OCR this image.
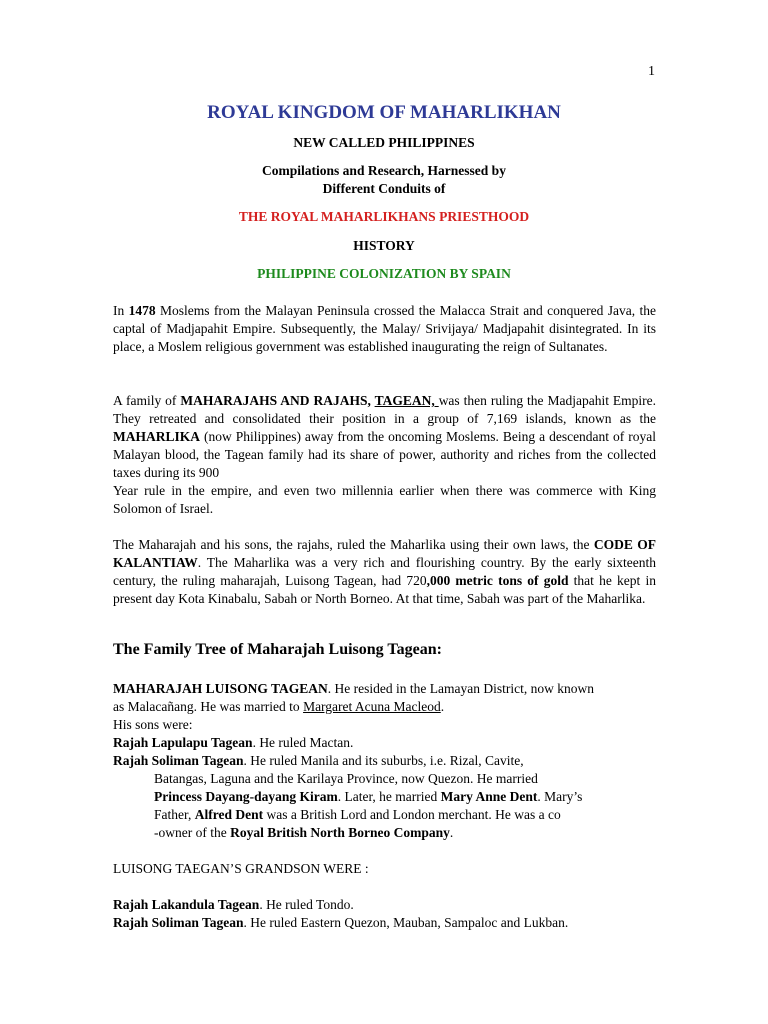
1
ROYAL KINGDOM OF MAHARLIKHAN
NEW CALLED PHILIPPINES
Compilations and Research, Harnessed by
Different Conduits of
THE ROYAL MAHARLIKHANS PRIESTHOOD
HISTORY
PHILIPPINE COLONIZATION BY SPAIN
In 1478 Moslems from the Malayan Peninsula crossed the Malacca Strait and conquered Java, the captal of Madjapahit Empire. Subsequently, the Malay/ Srivijaya/ Madjapahit disintegrated. In its place, a Moslem religious government was established inaugurating the reign of Sultanates.
A family of MAHARAJAHS AND RAJAHS, TAGEAN, was then ruling the Madjapahit Empire. They retreated and consolidated their position in a group of 7,169 islands, known as the MAHARLIKA (now Philippines) away from the oncoming Moslems. Being a descendant of royal Malayan blood, the Tagean family had its share of power, authority and riches from the collected taxes during its 900
Year rule in the empire, and even two millennia earlier when there was commerce with King Solomon of Israel.
The Maharajah and his sons, the rajahs, ruled the Maharlika using their own laws, the CODE OF KALANTIAW. The Maharlika was a very rich and flourishing country. By the early sixteenth century, the ruling maharajah, Luisong Tagean, had 720,000 metric tons of gold that he kept in present day Kota Kinabalu, Sabah or North Borneo. At that time, Sabah was part of the Maharlika.
The Family Tree of Maharajah Luisong Tagean:
MAHARAJAH LUISONG TAGEAN. He resided in the Lamayan District, now known
as Malacañang. He was married to Margaret Acuna Macleod.
His sons were:
Rajah Lapulapu Tagean. He ruled Mactan.
Rajah Soliman Tagean. He ruled Manila and its suburbs, i.e. Rizal, Cavite,
Batangas, Laguna and the Karilaya Province, now Quezon. He married
Princess Dayang-dayang Kiram. Later, he married Mary Anne Dent. Mary’s
Father, Alfred Dent was a British Lord and London merchant. He was a co
-owner of the Royal British North Borneo Company.
LUISONG TAEGAN’S GRANDSON WERE :
Rajah Lakandula Tagean. He ruled Tondo.
Rajah Soliman Tagean. He ruled Eastern Quezon, Mauban, Sampaloc and Lukban.
